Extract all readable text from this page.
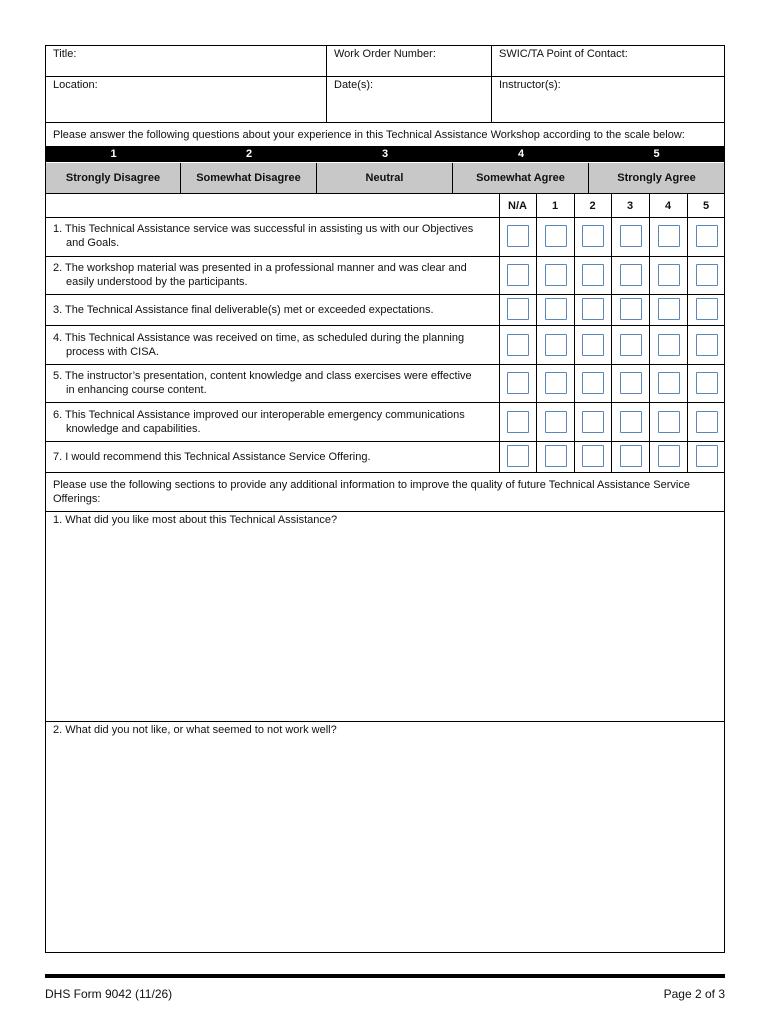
Title:	Work Order Number:	SWIC/TA Point of Contact:
Location:	Date(s):	Instructor(s):
Please answer the following questions about your experience in this Technical Assistance Workshop according to the scale below:
1	2	3	4	5
Strongly Disagree	Somewhat Disagree	Neutral	Somewhat Agree	Strongly Agree
N/A	1	2	3	4	5
1. This Technical Assistance service was successful in assisting us with our Objectives
and Goals.
2. The workshop material was presented in a professional manner and was clear and
easily understood by the participants.
3. The Technical Assistance final deliverable(s) met or exceeded expectations.
4. This Technical Assistance was received on time, as scheduled during the planning
process with CISA.
5. The instructor’s presentation, content knowledge and class exercises were effective
in enhancing course content.
6. This Technical Assistance improved our interoperable emergency communications
knowledge and capabilities.
7. I would recommend this Technical Assistance Service Offering.
Please use the following sections to provide any additional information to improve the quality of future Technical Assistance Service
Offerings:
1. What did you like most about this Technical Assistance?
2. What did you not like, or what seemed to not work well?
DHS Form 9042 (11/26)	Page 2 of 3
